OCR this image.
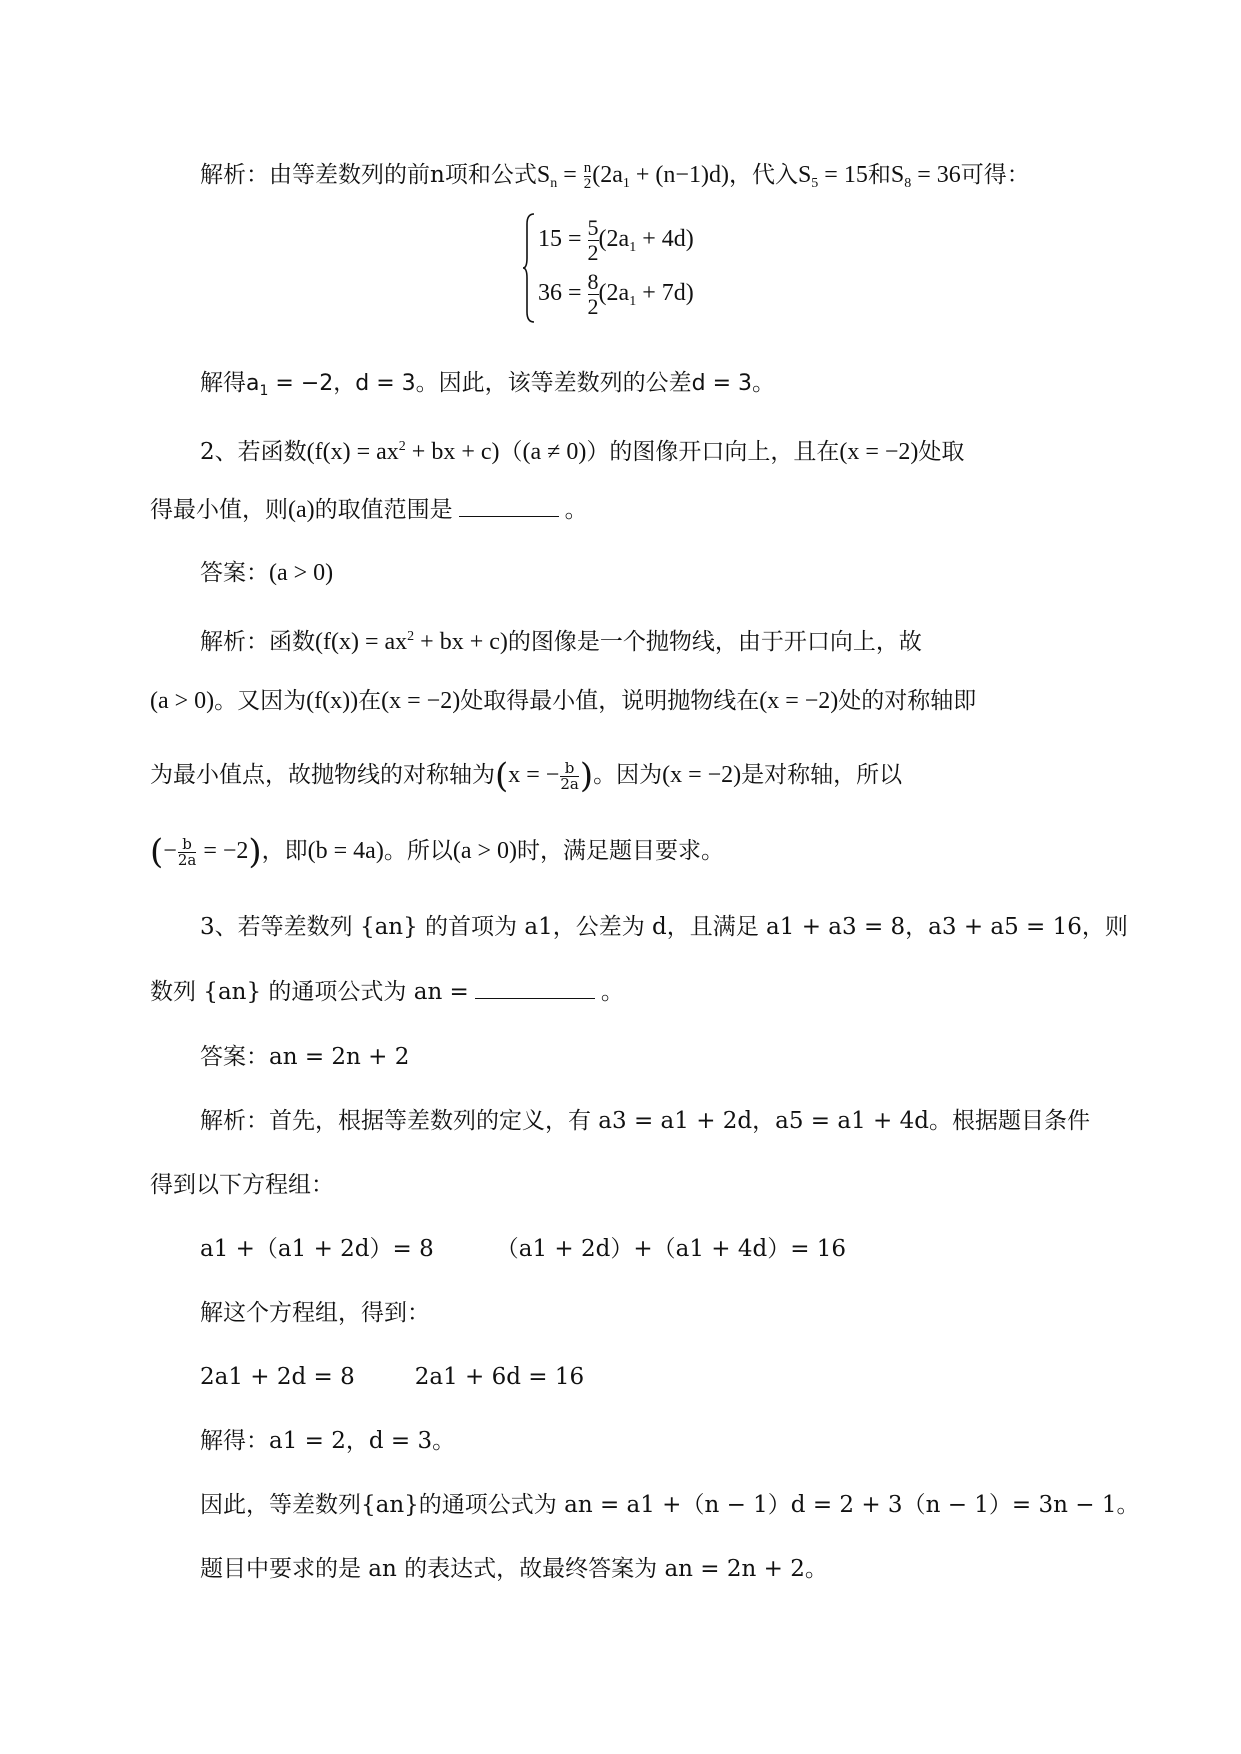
解析：由等差数列的前n项和公式$S_n = \frac{n}{2} (2a_1 + (n-1)d)$，代入$S_5 = 15$和$S_8 = 36$可得：
$15 = \frac{5}{2} (2a_1 + 4d)$
$36 = \frac{8}{2} (2a_1 + 7d)$
解得$a_1 = -2$，d = 3。因此，该等差数列的公差d = 3。
2、若函数($f(x) = ax^2$ + bx + c)（(a ≠ 0)）的图像开口向上，且在(x = −2)处取
得最小值，则(a)的取值范围是	。
答案：(a > 0)
解析：函数($f(x) = ax^2$ + bx + c)的图像是一个抛物线，由于开口向上，故
(a > 0)。又因为(f(x))在(x = −2)处取得最小值，说明抛物线在(x = −2)处的对称轴即
为最小值点，故抛物线的对称轴为(x = − $\frac{b}{2a}$ )。因为(x = −2)是对称轴，所以
(− $\frac{b}{2a} = -2$)，即(b = 4a)。所以(a > 0)时，满足题目要求。
3、若等差数列 {an} 的首项为 a1，公差为 d，且满足 a1 + a3 = 8，a3 + a5 = 16，则
数列 {an} 的通项公式为 an =	。
答案：an = 2n + 2
解析：首先，根据等差数列的定义，有 a3 = a1 + 2d，a5 = a1 + 4d。根据题目条件
得到以下方程组：
a1 +（a1 + 2d）= 8	（a1 + 2d）+（a1 + 4d）= 16
解这个方程组，得到：
2a1 + 2d = 8	2a1 + 6d = 16
解得：a1 = 2，d = 3。
因此，等差数列{an}的通项公式为 an = a1 +（n − 1）d = 2 + 3（n − 1）= 3n − 1。
题目中要求的是 an 的表达式，故最终答案为 an = 2n + 2。
